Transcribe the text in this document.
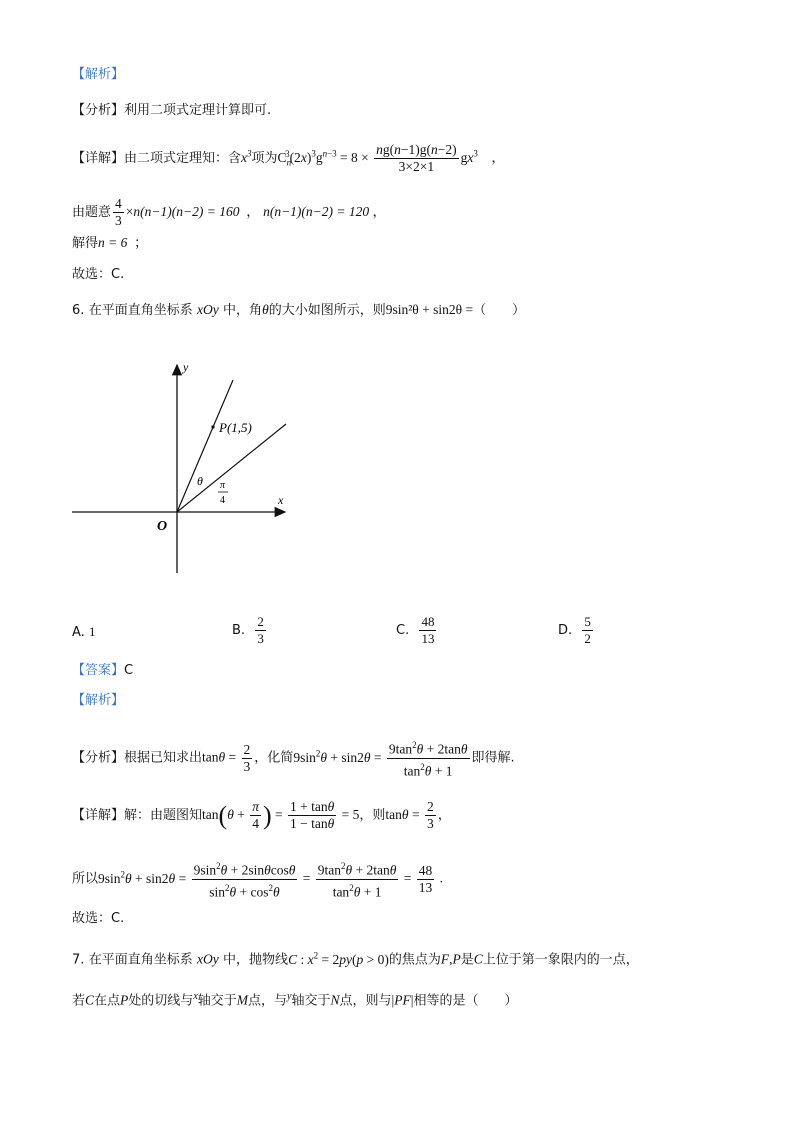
【解析】
【分析】利用二项式定理计算即可.
【详解】由二项式定理知：含$x^3$项为$C_n^3(2x)^3g^{n-3} = 8 \times \frac{ng(n-1)g(n-2)}{3\times 2\times 1} gx^3$    ，
由题意 $\frac{4}{3} \times n(n-1)(n-2) = 160$  ， n(n−1)(n−2) = 120 ，
解得n = 6  ；
故选：C.
6. 在平面直角坐标系 xOy 中，角θ的大小如图所示，则9sin²θ + sin2θ =（　　）
P(1,5)
y
x
O
θ π
4
A. 1	B. $\frac{2}{3}$	C. $\frac{48}{13}$	D. $\frac{5}{2}$
【答案】C
【解析】
【分析】根据已知求出$\tan\theta = \frac{2}{3}$ ，化简$9\sin^2\theta + \sin 2\theta = \frac{9\tan^2\theta + 2\tan\theta}{\tan^2\theta + 1}$ 即得解.
【详解】解：由题图知$\tan(\theta + \frac{\pi}{4}$ ) = $\frac{1 + \tan\theta}{1 - \tan\theta} = 5$，则$\tan\theta = \frac{2}{3}$ ，
所以$9\sin^2\theta + \sin 2\theta = \frac{9\sin^2\theta + 2\sin\theta\cos\theta}{\sin^2\theta + \cos^2\theta} = \frac{9\tan^2\theta + 2\tan\theta}{\tan^2\theta + 1} = \frac{48}{13}$ .
故选：C.
7. 在平面直角坐标系 xOy 中，抛物线C : $x^2 = 2py(p > 0)$的焦点为F,P是C上位于第一象限内的一点，
若C在点P处的切线与$^x$轴交于M点，与$^y$轴交于N点，则与|PF|相等的是（　　）
